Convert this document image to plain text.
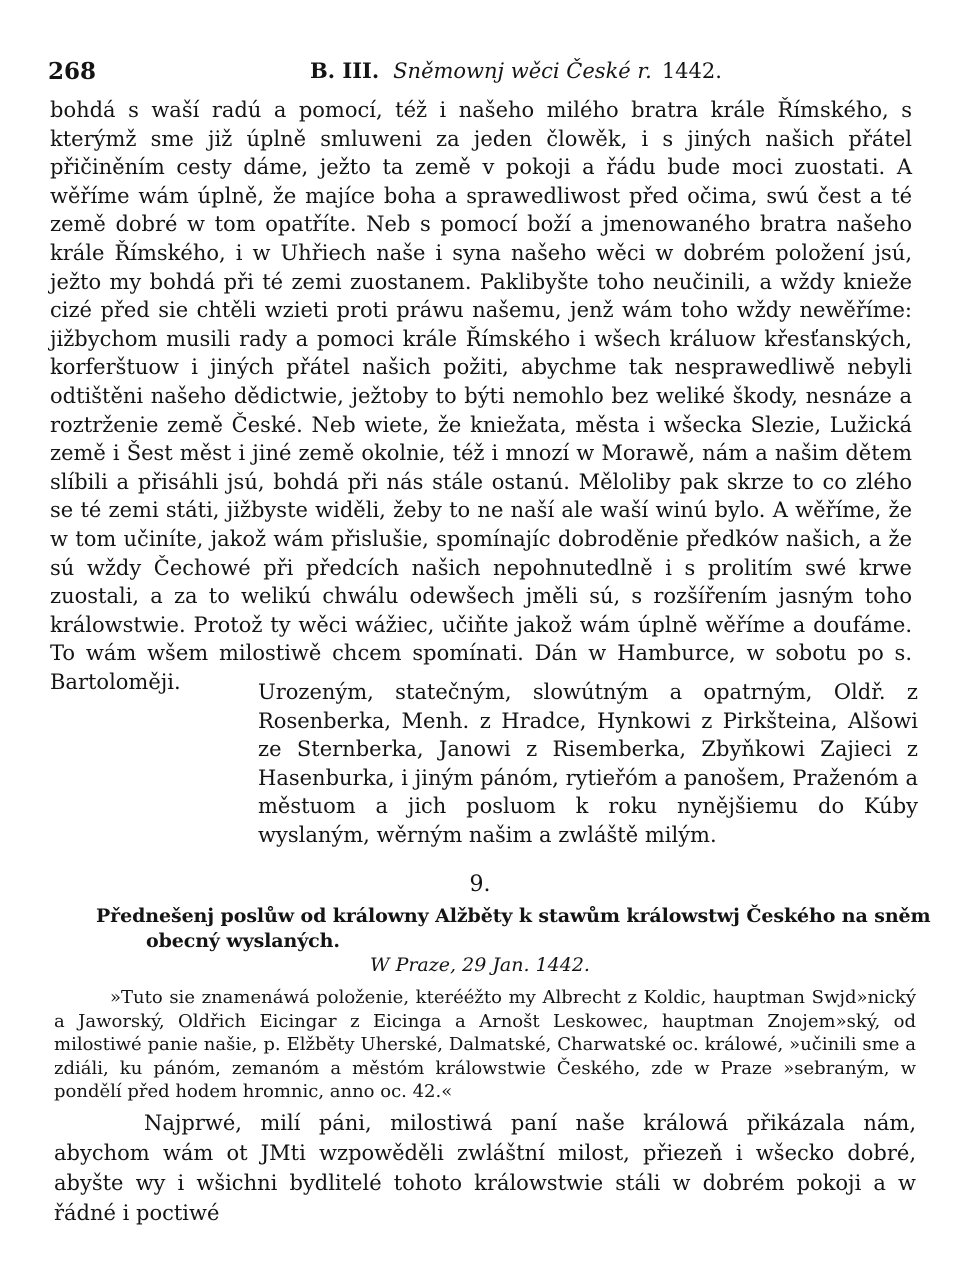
268	B. III. Sněmownj wěci České r. 1442.

bohdá s waší radú a pomocí, též i našeho milého bratra krále Římského, s kterýmž sme již úplně smluweni za jeden člowěk, i s jiných našich přátel přičiněním cesty dáme, ježto ta země v pokoji a řádu bude moci zuostati. A wěříme wám úplně, že majíce boha a sprawedliwost před očima, swú čest a té země dobré w tom opatříte. Neb s pomocí boží a jmenowaného bratra našeho krále Římského, i w Uhřiech naše i syna našeho wěci w dobrém položení jsú, ježto my bohdá při té zemi zuostanem. Paklibyšte toho neučinili, a wždy knieže cizé před sie chtěli wzieti proti práwu našemu, jenž wám toho wždy newěříme: jižbychom musili rady a pomoci krále Římského i wšech králuow křesťanských, korferštuow i jiných přátel našich požiti, abychme tak nesprawedliwě nebyli odtištěni našeho dědictwie, ježtoby to býti nemohlo bez weliké škody, nesnáze a roztrženie země České. Neb wiete, že kniežata, města i wšecka Slezie, Lužická země i Šest měst i jiné země okolnie, též i mnozí w Morawě, nám a našim dětem slíbili a přisáhli jsú, bohdá při nás stále ostanú. Měloliby pak skrze to co zlého se té zemi státi, jižbyste widěli, žeby to ne naší ale waší winú bylo. A wěříme, že w tom učiníte, jakož wám přislušie, spomínajíc dobroděnie předków našich, a že sú wždy Čechowé při předcích našich nepohnutedlně i s prolitím swé krwe zuostali, a za to welikú chwálu odewšech jměli sú, s rozšířením jasným toho králowstwie. Protož ty wěci wážiec, učiňte jakož wám úplně wěříme a doufáme. To wám wšem milostiwě chcem spomínati. Dán w Hamburce, w sobotu po s. Bartoloměji.	Urozeným, statečným, slowútným a opatrným, Oldř. z Rosenberka, Menh. z Hradce, Hynkowi z Pirkšteina, Alšowi ze Sternberka, Janowi z Risemberka, Zbyňkowi Zajieci z Hasenburka, i jiným pánóm, rytieřóm a panošem, Praženóm a městuom a jich posluom k roku nynějšiemu do Kúby wyslaným, wěrným našim a zwláště milým.

9.

Přednešenj poslůw od králowny Alžběty k stawům králowstwj Českého na sněm obecný wyslaných.

W Praze, 29 Jan. 1442.

»Tuto sie znamenáwá položenie, kterééžto my Albrecht z Koldic, hauptman Swjd»nický a Jaworský, Oldřich Eicingar z Eicinga a Arnošt Leskowec, hauptman Znojem»ský, od milostiwé panie našie, p. Elžběty Uherské, Dalmatské, Charwatské oc. králowé, »učinili sme a zdiáli, ku pánóm, zemanóm a městóm králowstwie Českého, zde w Praze »sebraným, w pondělí před hodem hromnic, anno oc. 42.«

Najprwé, milí páni, milostiwá paní naše králowá přikázala nám, abychom wám ot JMti wzpowěděli zwláštní milost, přiezeň i wšecko dobré, abyšte wy i wšichni bydlitelé tohoto králowstwie stáli w dobrém pokoji a w řádné i poctiwé
